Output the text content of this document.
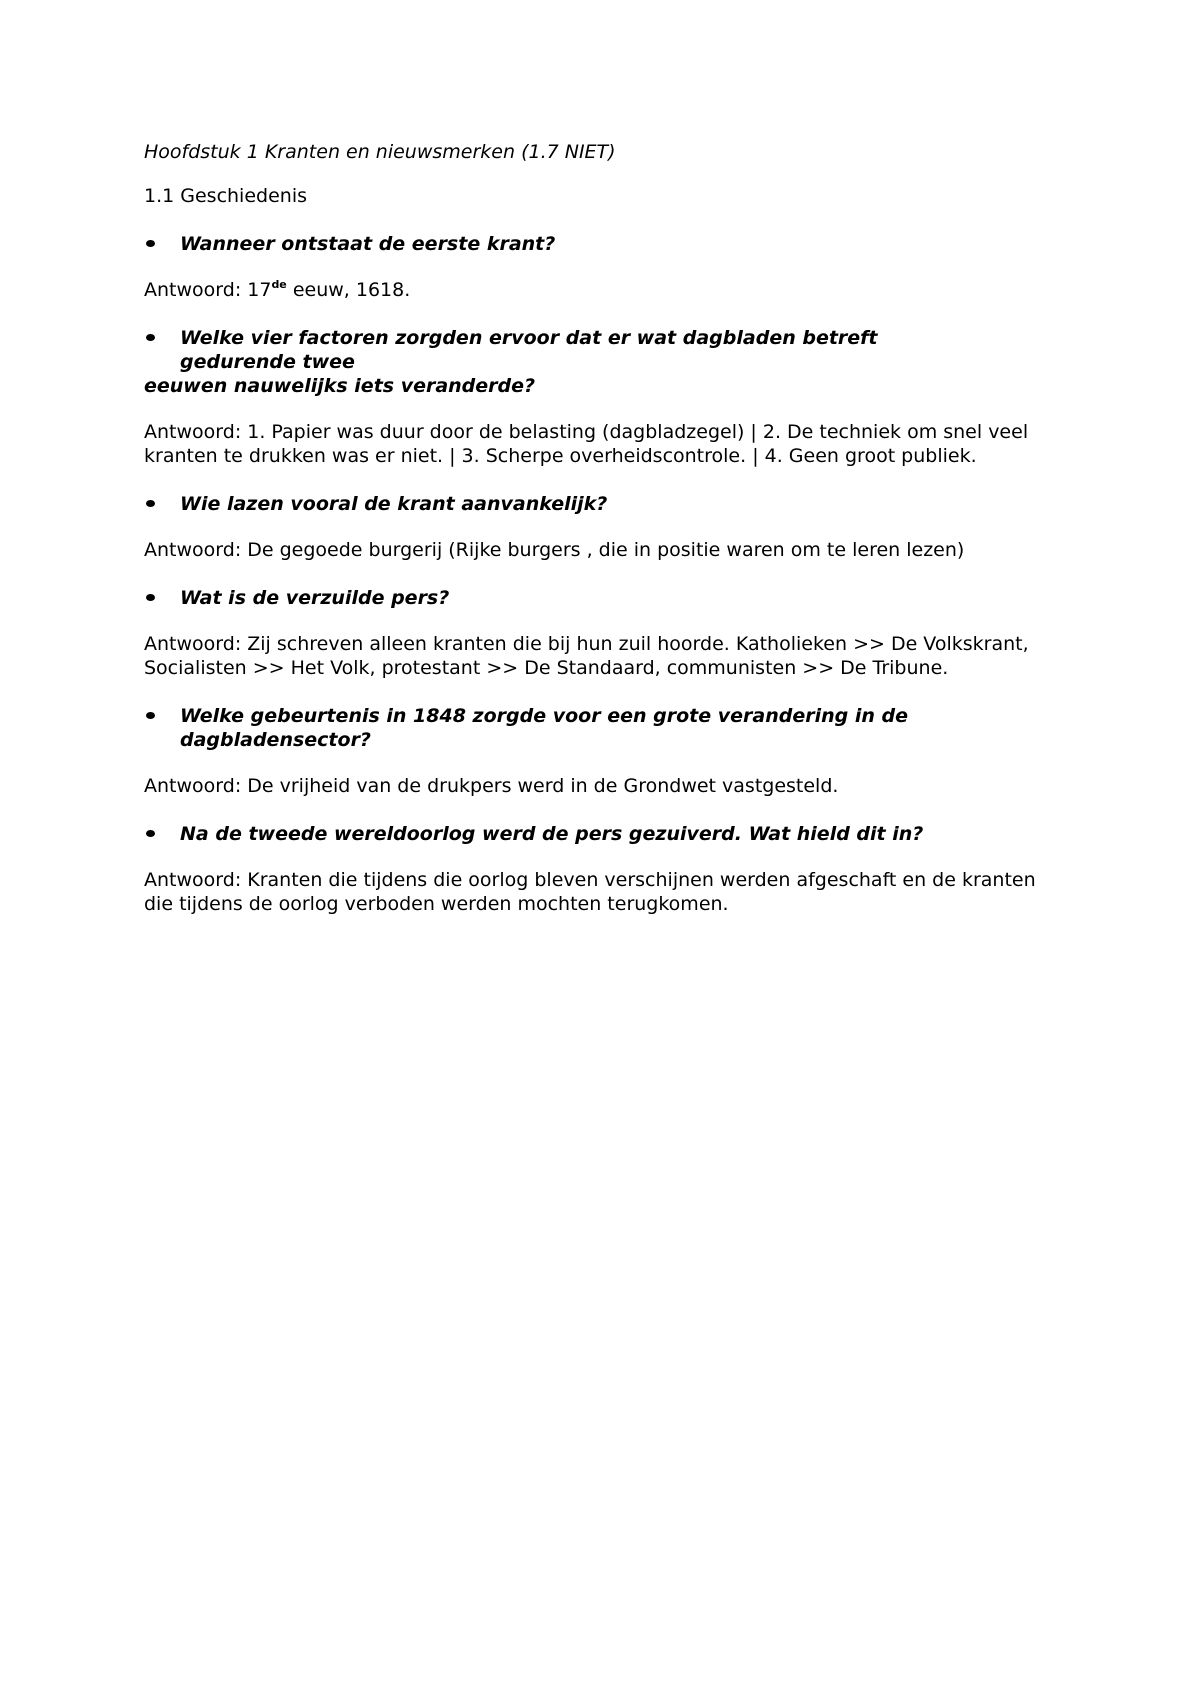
Hoofdstuk 1 Kranten en nieuwsmerken (1.7 NIET)

1.1 Geschiedenis

Wanneer ontstaat de eerste krant?
Antwoord: 17de eeuw, 1618.
Welke vier factoren zorgden ervoor dat er wat dagbladen betreft gedurende twee
eeuwen nauwelijks iets veranderde?
Antwoord: 1. Papier was duur door de belasting (dagbladzegel) | 2. De techniek om snel veel kranten te drukken was er niet. | 3. Scherpe overheidscontrole. | 4. Geen groot publiek.
Wie lazen vooral de krant aanvankelijk?
Antwoord: De gegoede burgerij (Rijke burgers , die in positie waren om te leren lezen)
Wat is de verzuilde pers?
Antwoord: Zij schreven alleen kranten die bij hun zuil hoorde. Katholieken >> De Volkskrant, Socialisten >> Het Volk, protestant >> De Standaard, communisten >> De Tribune.
Welke gebeurtenis in 1848 zorgde voor een grote verandering in de dagbladensector?
Antwoord: De vrijheid van de drukpers werd in de Grondwet vastgesteld.
Na de tweede wereldoorlog werd de pers gezuiverd. Wat hield dit in?
Antwoord: Kranten die tijdens die oorlog bleven verschijnen werden afgeschaft en de kranten die tijdens de oorlog verboden werden mochten terugkomen.
